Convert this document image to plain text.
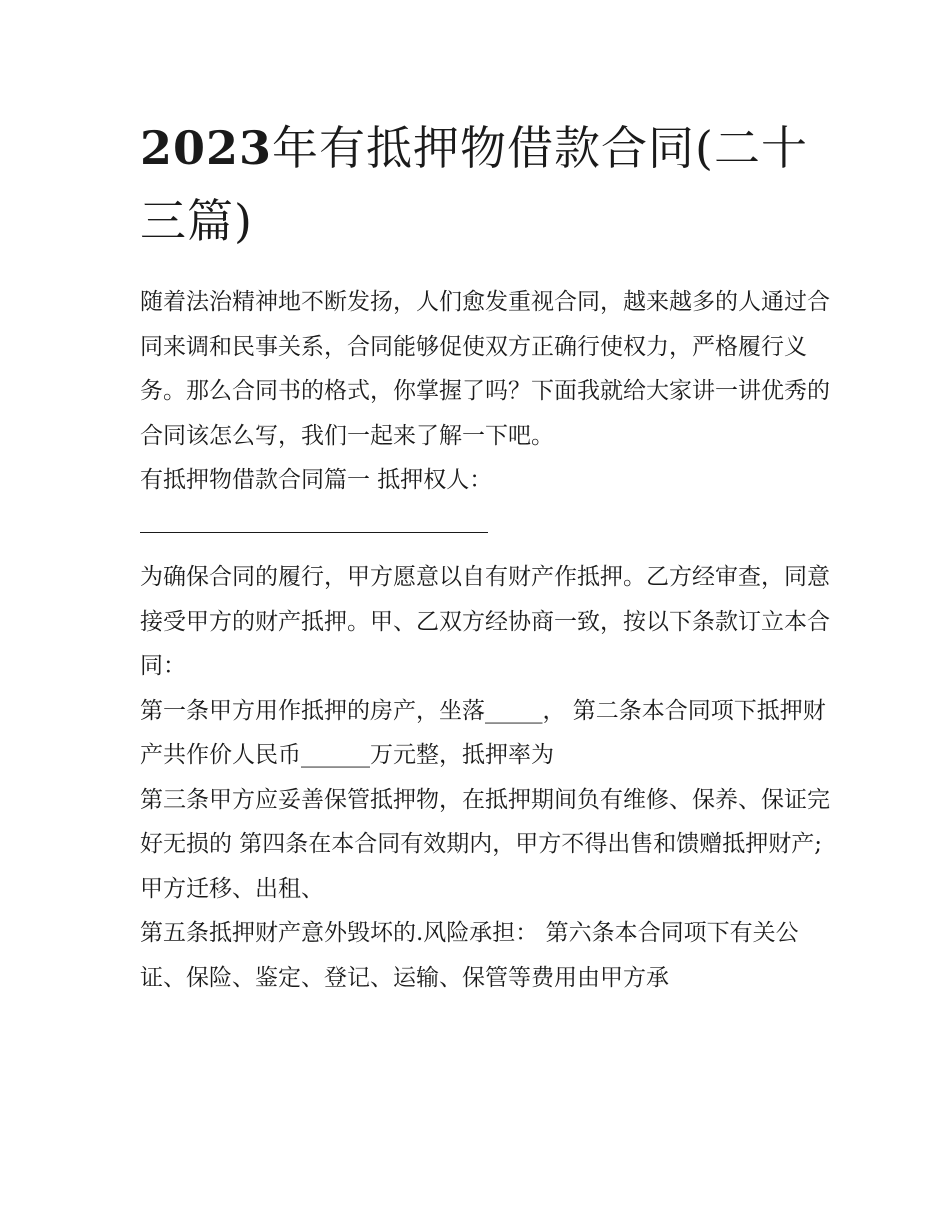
2023年有抵押物借款合同(二十三篇)

随着法治精神地不断发扬，人们愈发重视合同，越来越多的人通过合同来调和民事关系，合同能够促使双方正确行使权力，严格履行义务。那么合同书的格式，你掌握了吗？下面我就给大家讲一讲优秀的合同该怎么写，我们一起来了解一下吧。

有抵押物借款合同篇一 抵押权人：

为确保合同的履行，甲方愿意以自有财产作抵押。乙方经审查，同意接受甲方的财产抵押。甲、乙双方经协商一致，按以下条款订立本合同：

第一条甲方用作抵押的房产，坐落_____， 第二条本合同项下抵押财产共作价人民币______万元整，抵押率为

第三条甲方应妥善保管抵押物，在抵押期间负有维修、保养、保证完好无损的 第四条在本合同有效期内，甲方不得出售和馈赠抵押财产;甲方迁移、出租、

第五条抵押财产意外毁坏的.风险承担： 第六条本合同项下有关公证、保险、鉴定、登记、运输、保管等费用由甲方承
